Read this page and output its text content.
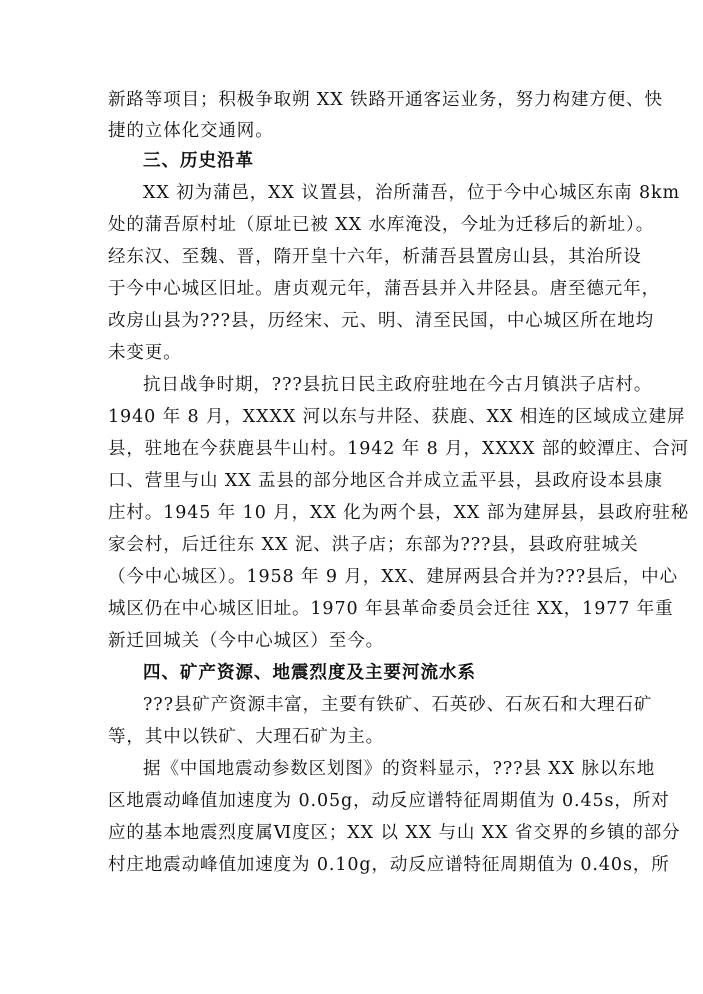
新路等项目；积极争取朔 XX 铁路开通客运业务，努力构建方便、快
捷的立体化交通网。
三、历史沿革
XX 初为蒲邑，XX 议置县，治所蒲吾，位于今中心城区东南 8km
处的蒲吾原村址（原址已被 XX 水库淹没，今址为迁移后的新址）。
经东汉、至魏、晋，隋开皇十六年，析蒲吾县置房山县，其治所设
于今中心城区旧址。唐贞观元年，蒲吾县并入井陉县。唐至德元年，
改房山县为???县，历经宋、元、明、清至民国，中心城区所在地均
未变更。
抗日战争时期，???县抗日民主政府驻地在今古月镇洪子店村。
1940 年 8 月，XXXX 河以东与井陉、获鹿、XX 相连的区域成立建屏
县，驻地在今获鹿县牛山村。1942 年 8 月，XXXX 部的蛟潭庄、合河
口、营里与山 XX 盂县的部分地区合并成立盂平县，县政府设本县康
庄村。1945 年 10 月，XX 化为两个县，XX 部为建屏县，县政府驻秘
家会村，后迁往东 XX 泥、洪子店；东部为???县，县政府驻城关
（今中心城区）。1958 年 9 月，XX、建屏两县合并为???县后，中心
城区仍在中心城区旧址。1970 年县革命委员会迁往 XX，1977 年重
新迁回城关（今中心城区）至今。
四、矿产资源、地震烈度及主要河流水系
???县矿产资源丰富，主要有铁矿、石英砂、石灰石和大理石矿
等，其中以铁矿、大理石矿为主。
据《中国地震动参数区划图》的资料显示，???县 XX 脉以东地
区地震动峰值加速度为 0.05g，动反应谱特征周期值为 0.45s，所对
应的基本地震烈度属Ⅵ度区；XX 以 XX 与山 XX 省交界的乡镇的部分
村庄地震动峰值加速度为 0.10g，动反应谱特征周期值为 0.40s，所
